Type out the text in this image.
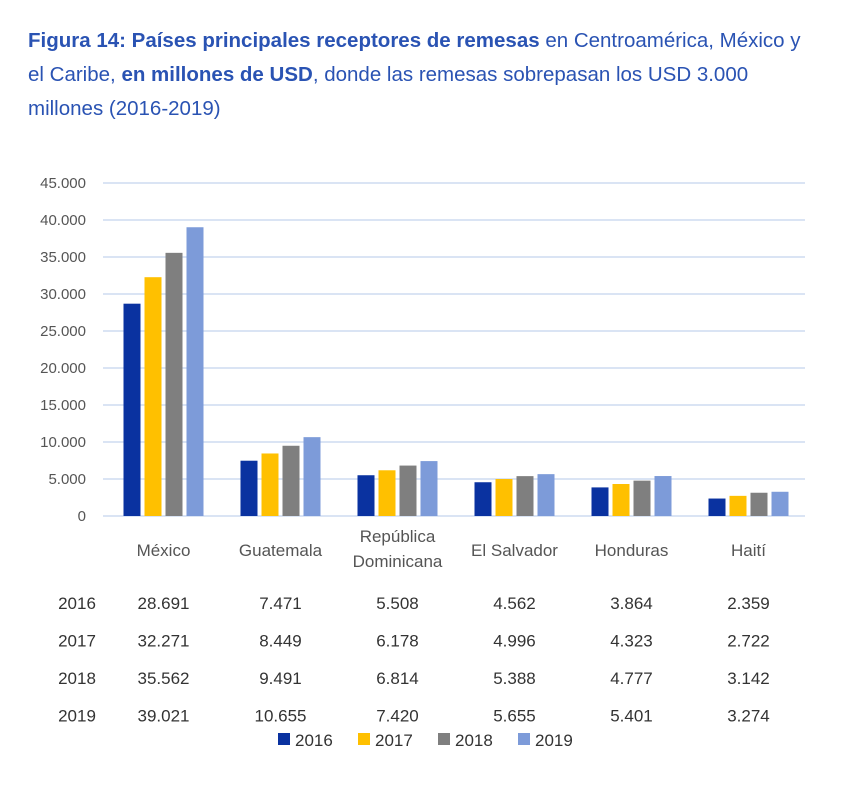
Figura 14: Países principales receptores de remesas en Centroamérica, México y el Caribe, en millones de USD, donde las remesas sobrepasan los USD 3.000 millones (2016-2019)
0
5.000
10.000
15.000
20.000
25.000
30.000
35.000
40.000
45.000
México	Guatemala
República Dominicana
El Salvador Honduras	Haití
2016 28.691	7.471	5.508	4.562	3.864	2.359
2017 32.271	8.449	6.178	4.996	4.323	2.722
2018 35.562	9.491	6.814	5.388	4.777	3.142
2019 39.021	10.655	7.420	5.655	5.401	3.274
2016 2017 2018 2019
